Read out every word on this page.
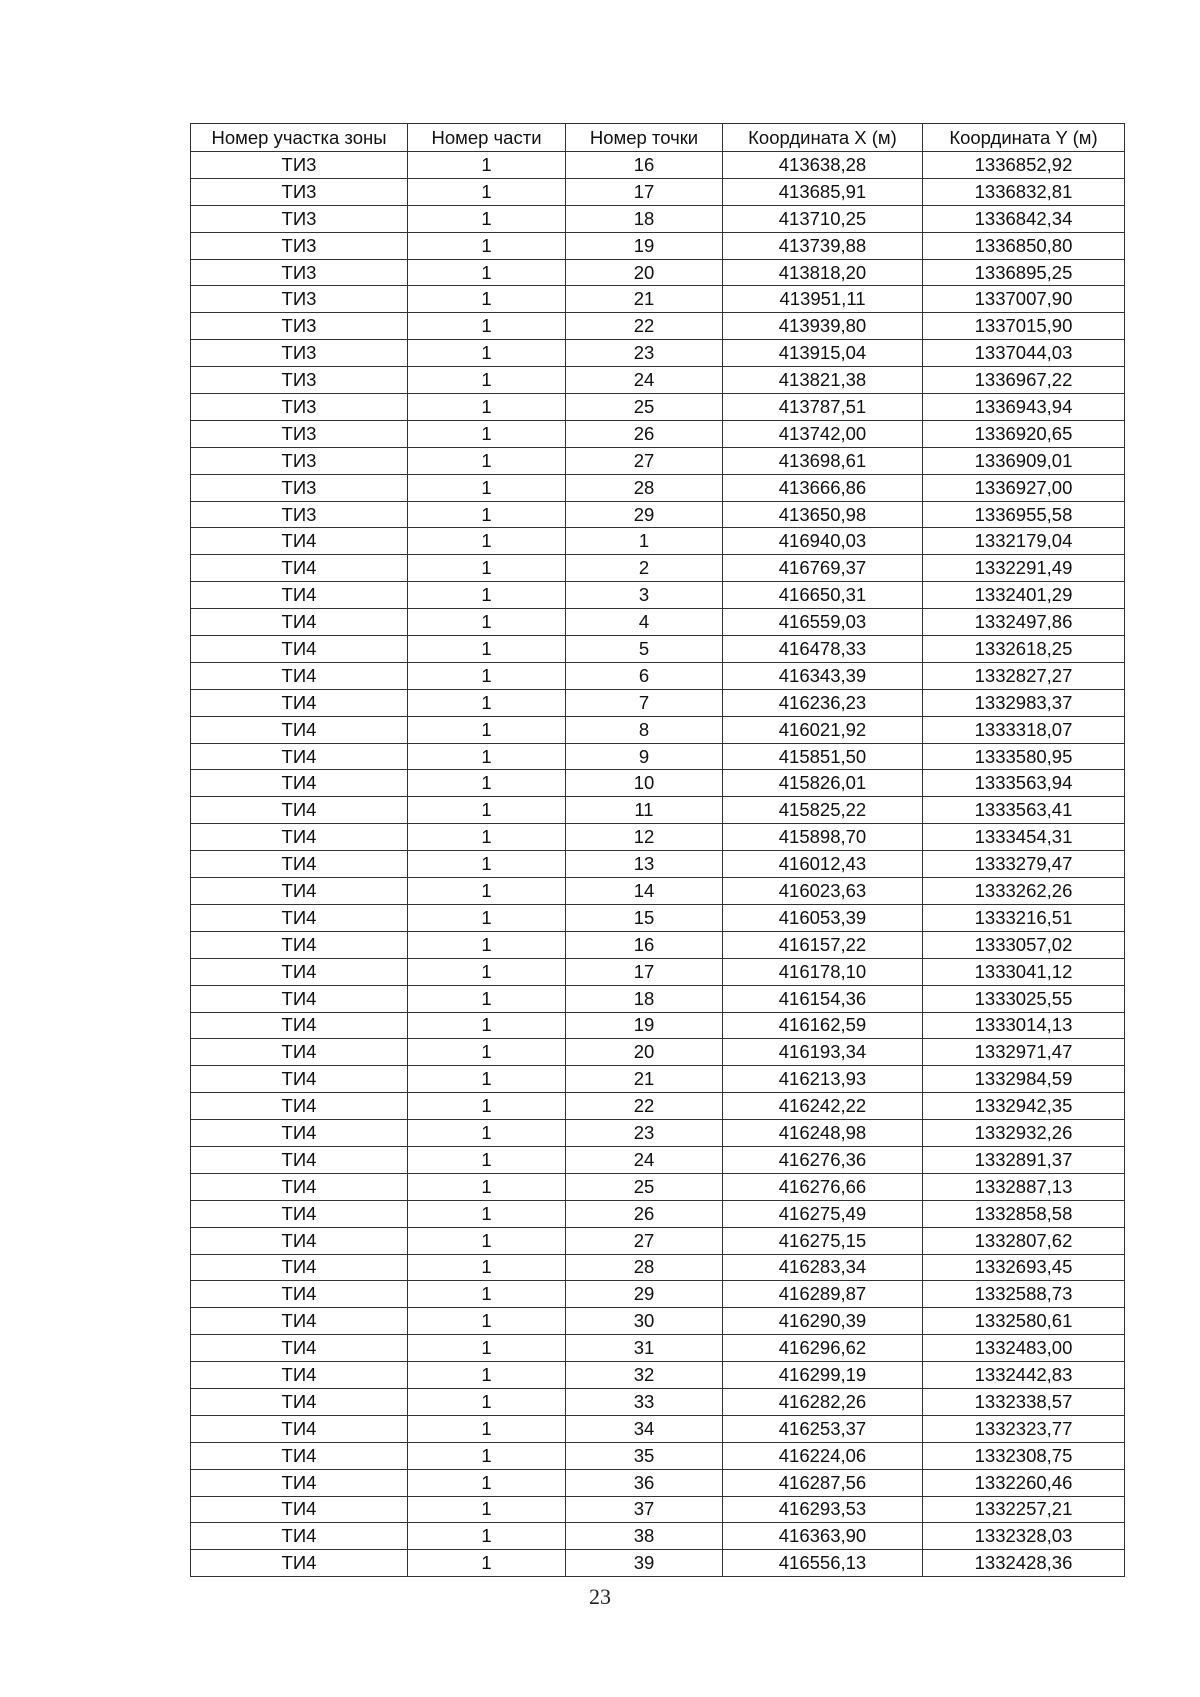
Номер участка зоны	Номер части	Номер точки	Координата X (м)	Координата Y (м)
ТИ3	1	16	413638,28	1336852,92
ТИ3	1	17	413685,91	1336832,81
ТИ3	1	18	413710,25	1336842,34
ТИ3	1	19	413739,88	1336850,80
ТИ3	1	20	413818,20	1336895,25
ТИ3	1	21	413951,11	1337007,90
ТИ3	1	22	413939,80	1337015,90
ТИ3	1	23	413915,04	1337044,03
ТИ3	1	24	413821,38	1336967,22
ТИ3	1	25	413787,51	1336943,94
ТИ3	1	26	413742,00	1336920,65
ТИ3	1	27	413698,61	1336909,01
ТИ3	1	28	413666,86	1336927,00
ТИ3	1	29	413650,98	1336955,58
ТИ4	1	1	416940,03	1332179,04
ТИ4	1	2	416769,37	1332291,49
ТИ4	1	3	416650,31	1332401,29
ТИ4	1	4	416559,03	1332497,86
ТИ4	1	5	416478,33	1332618,25
ТИ4	1	6	416343,39	1332827,27
ТИ4	1	7	416236,23	1332983,37
ТИ4	1	8	416021,92	1333318,07
ТИ4	1	9	415851,50	1333580,95
ТИ4	1	10	415826,01	1333563,94
ТИ4	1	11	415825,22	1333563,41
ТИ4	1	12	415898,70	1333454,31
ТИ4	1	13	416012,43	1333279,47
ТИ4	1	14	416023,63	1333262,26
ТИ4	1	15	416053,39	1333216,51
ТИ4	1	16	416157,22	1333057,02
ТИ4	1	17	416178,10	1333041,12
ТИ4	1	18	416154,36	1333025,55
ТИ4	1	19	416162,59	1333014,13
ТИ4	1	20	416193,34	1332971,47
ТИ4	1	21	416213,93	1332984,59
ТИ4	1	22	416242,22	1332942,35
ТИ4	1	23	416248,98	1332932,26
ТИ4	1	24	416276,36	1332891,37
ТИ4	1	25	416276,66	1332887,13
ТИ4	1	26	416275,49	1332858,58
ТИ4	1	27	416275,15	1332807,62
ТИ4	1	28	416283,34	1332693,45
ТИ4	1	29	416289,87	1332588,73
ТИ4	1	30	416290,39	1332580,61
ТИ4	1	31	416296,62	1332483,00
ТИ4	1	32	416299,19	1332442,83
ТИ4	1	33	416282,26	1332338,57
ТИ4	1	34	416253,37	1332323,77
ТИ4	1	35	416224,06	1332308,75
ТИ4	1	36	416287,56	1332260,46
ТИ4	1	37	416293,53	1332257,21
ТИ4	1	38	416363,90	1332328,03
ТИ4	1	39	416556,13	1332428,36
23
